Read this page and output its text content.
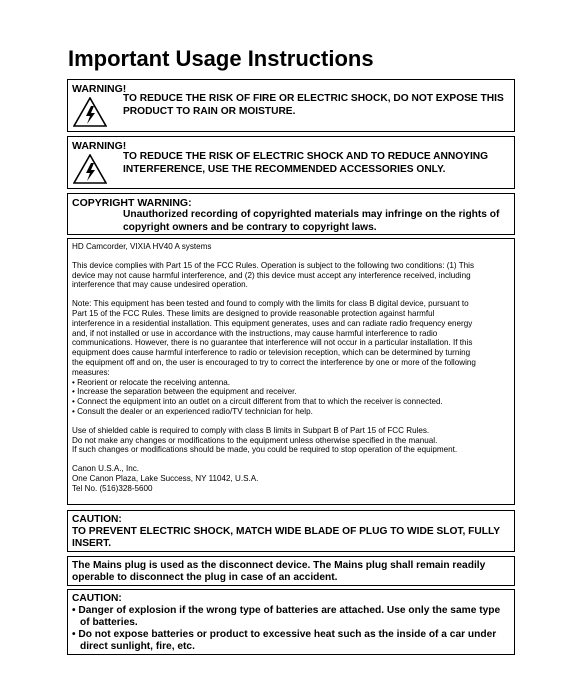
Important Usage Instructions
WARNING!
TO REDUCE THE RISK OF FIRE OR ELECTRIC SHOCK, DO NOT EXPOSE THIS
PRODUCT TO RAIN OR MOISTURE.
WARNING!
TO REDUCE THE RISK OF ELECTRIC SHOCK AND TO REDUCE ANNOYING
INTERFERENCE, USE THE RECOMMENDED ACCESSORIES ONLY.
COPYRIGHT WARNING:
Unauthorized recording of copyrighted materials may infringe on the rights of
copyright owners and be contrary to copyright laws.
HD Camcorder, VIXIA HV40 A systems
This device complies with Part 15 of the FCC Rules. Operation is subject to the following two conditions: (1) This
device may not cause harmful interference, and (2) this device must accept any interference received, including
interference that may cause undesired operation.
Note: This equipment has been tested and found to comply with the limits for class B digital device, pursuant to
Part 15 of the FCC Rules. These limits are designed to provide reasonable protection against harmful
interference in a residential installation. This equipment generates, uses and can radiate radio frequency energy
and, if not installed or use in accordance with the instructions, may cause harmful interference to radio
communications. However, there is no guarantee that interference will not occur in a particular installation. If this
equipment does cause harmful interference to radio or television reception, which can be determined by turning
the equipment off and on, the user is encouraged to try to correct the interference by one or more of the following
measures:
• Reorient or relocate the receiving antenna.
• Increase the separation between the equipment and receiver.
• Connect the equipment into an outlet on a circuit different from that to which the receiver is connected.
• Consult the dealer or an experienced radio/TV technician for help.
Use of shielded cable is required to comply with class B limits in Subpart B of Part 15 of FCC Rules.
Do not make any changes or modifications to the equipment unless otherwise specified in the manual.
If such changes or modifications should be made, you could be required to stop operation of the equipment.
Canon U.S.A., Inc.
One Canon Plaza, Lake Success, NY 11042, U.S.A.
Tel No. (516)328-5600
CAUTION:
TO PREVENT ELECTRIC SHOCK, MATCH WIDE BLADE OF PLUG TO WIDE SLOT, FULLY
INSERT.
The Mains plug is used as the disconnect device. The Mains plug shall remain readily
operable to disconnect the plug in case of an accident.
CAUTION:
• Danger of explosion if the wrong type of batteries are attached. Use only the same type
of batteries.
• Do not expose batteries or product to excessive heat such as the inside of a car under
direct sunlight, fire, etc.
